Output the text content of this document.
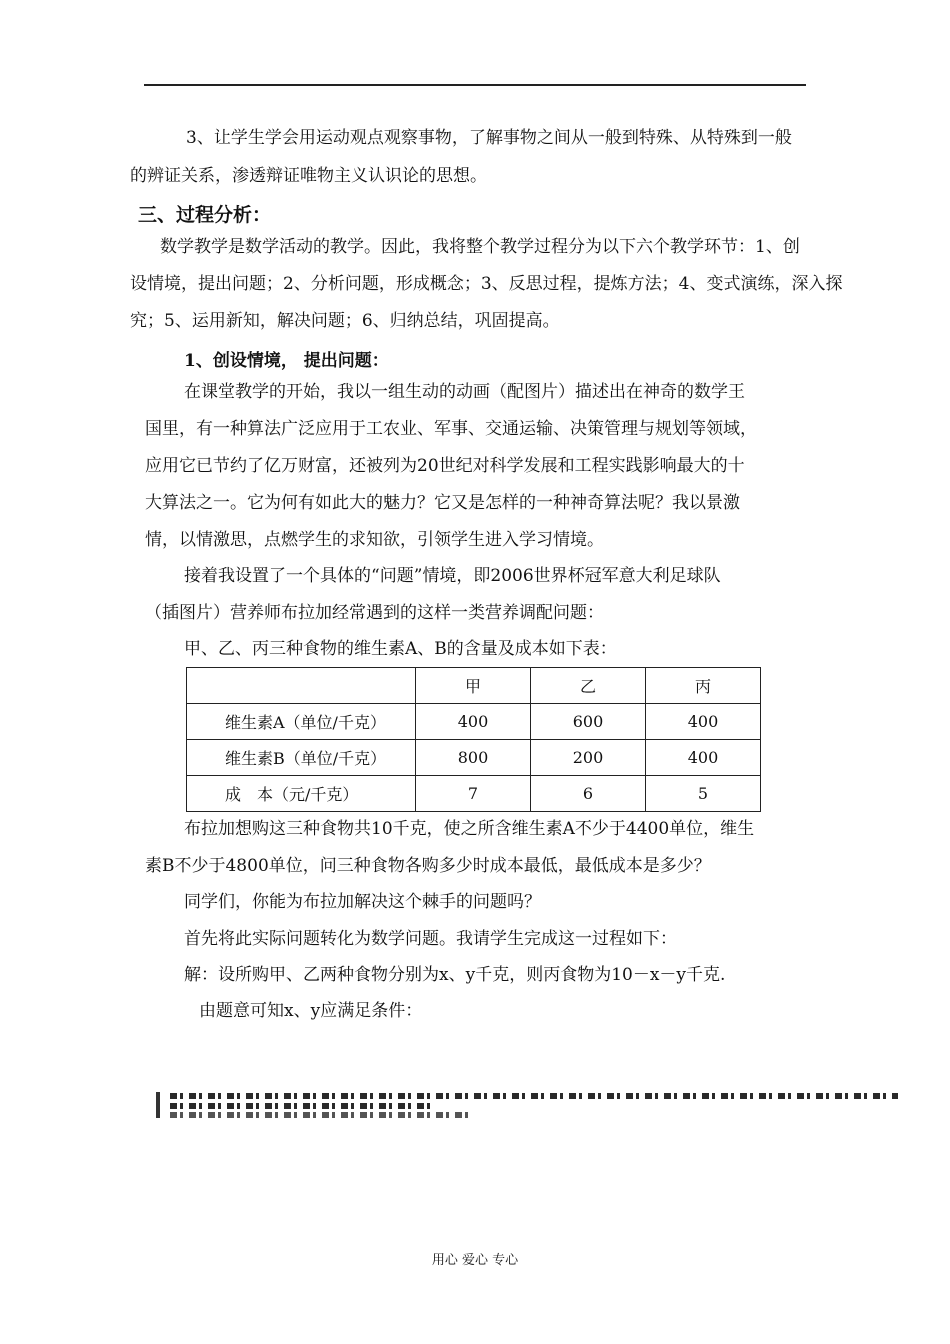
3、让学生学会用运动观点观察事物，了解事物之间从一般到特殊、从特殊到一般
的辨证关系，渗透辩证唯物主义认识论的思想。
三、过程分析：
数学教学是数学活动的教学。因此，我将整个教学过程分为以下六个教学环节：1、创
设情境，提出问题；2、分析问题，形成概念；3、反思过程，提炼方法；4、变式演练，深入探
究；5、运用新知，解决问题；6、归纳总结，巩固提高。
1、创设情境， 提出问题：
在课堂教学的开始，我以一组生动的动画（配图片）描述出在神奇的数学王
国里，有一种算法广泛应用于工农业、军事、交通运输、决策管理与规划等领域，
应用它已节约了亿万财富，还被列为20世纪对科学发展和工程实践影响最大的十
大算法之一。它为何有如此大的魅力？它又是怎样的一种神奇算法呢？我以景激
情，以情激思，点燃学生的求知欲，引领学生进入学习情境。
接着我设置了一个具体的“问题”情境，即2006世界杯冠军意大利足球队
（插图片）营养师布拉加经常遇到的这样一类营养调配问题：
甲、乙、丙三种食物的维生素A、B的含量及成本如下表：
	甲	乙	丙
维生素A（单位/千克）	400	600	400
维生素B（单位/千克）	800	200	400
成　本（元/千克）	7	6	5
布拉加想购这三种食物共10千克，使之所含维生素A不少于4400单位，维生
素B不少于4800单位，问三种食物各购多少时成本最低，最低成本是多少？
同学们，你能为布拉加解决这个棘手的问题吗？
首先将此实际问题转化为数学问题。我请学生完成这一过程如下：
解：设所购甲、乙两种食物分别为x、y千克，则丙食物为10－x－y千克.
由题意可知x、y应满足条件：
用心 爱心 专心
